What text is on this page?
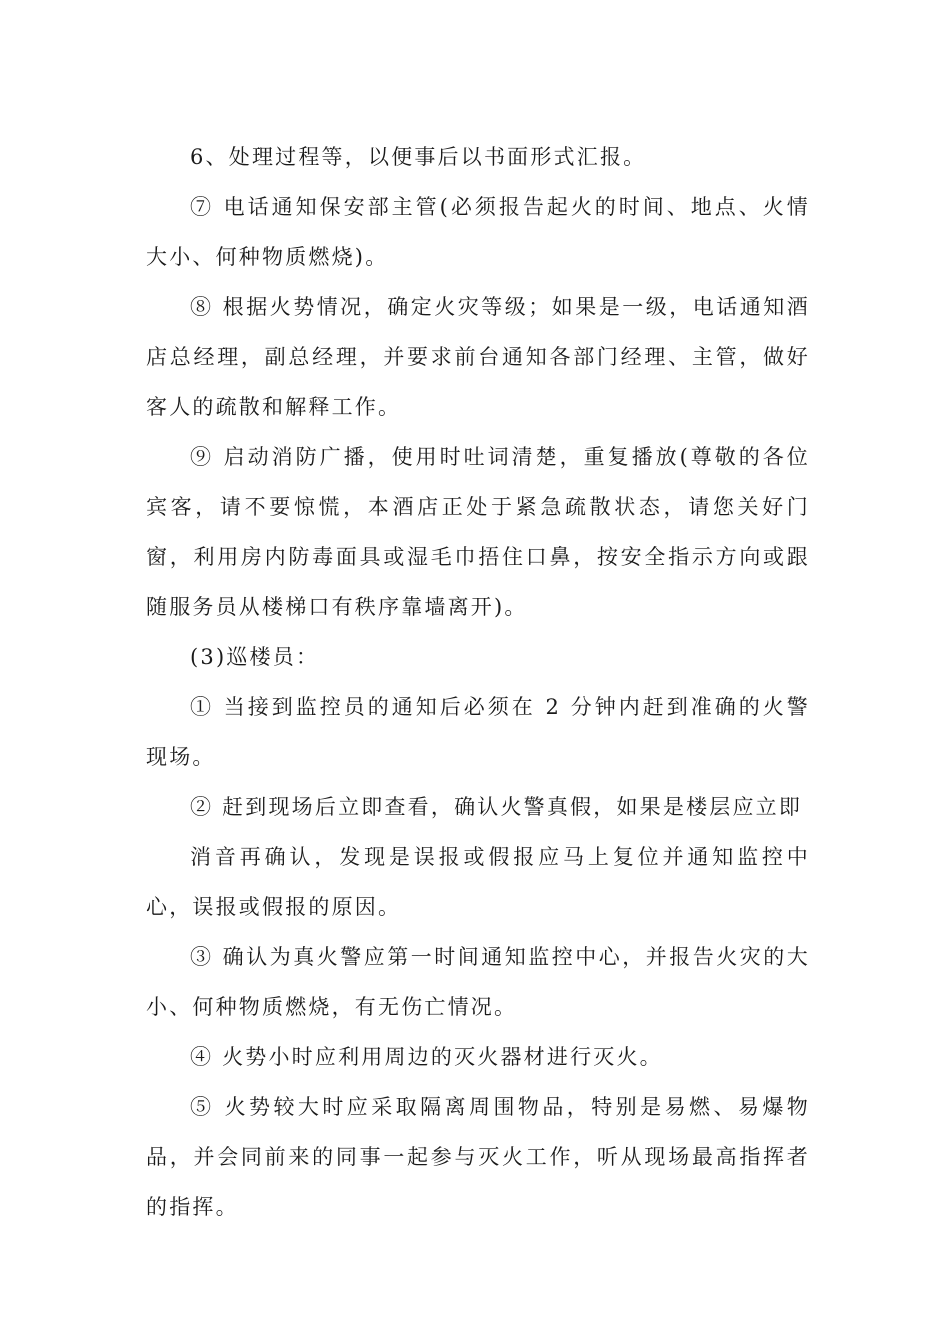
6、处理过程等，以便事后以书面形式汇报。

⑦ 电话通知保安部主管(必须报告起火的时间、地点、火情大小、何种物质燃烧)。

⑧ 根据火势情况，确定火灾等级；如果是一级，电话通知酒店总经理，副总经理，并要求前台通知各部门经理、主管，做好客人的疏散和解释工作。

⑨ 启动消防广播，使用时吐词清楚，重复播放(尊敬的各位宾客，请不要惊慌，本酒店正处于紧急疏散状态，请您关好门窗，利用房内防毒面具或湿毛巾捂住口鼻，按安全指示方向或跟随服务员从楼梯口有秩序靠墙离开)。

(3)巡楼员：

① 当接到监控员的通知后必须在 2 分钟内赶到准确的火警现场。

② 赶到现场后立即查看，确认火警真假，如果是楼层应立即

消音再确认，发现是误报或假报应马上复位并通知监控中心，误报或假报的原因。

③ 确认为真火警应第一时间通知监控中心，并报告火灾的大小、何种物质燃烧，有无伤亡情况。

④ 火势小时应利用周边的灭火器材进行灭火。

⑤ 火势较大时应采取隔离周围物品，特别是易燃、易爆物品，并会同前来的同事一起参与灭火工作，听从现场最高指挥者的指挥。
